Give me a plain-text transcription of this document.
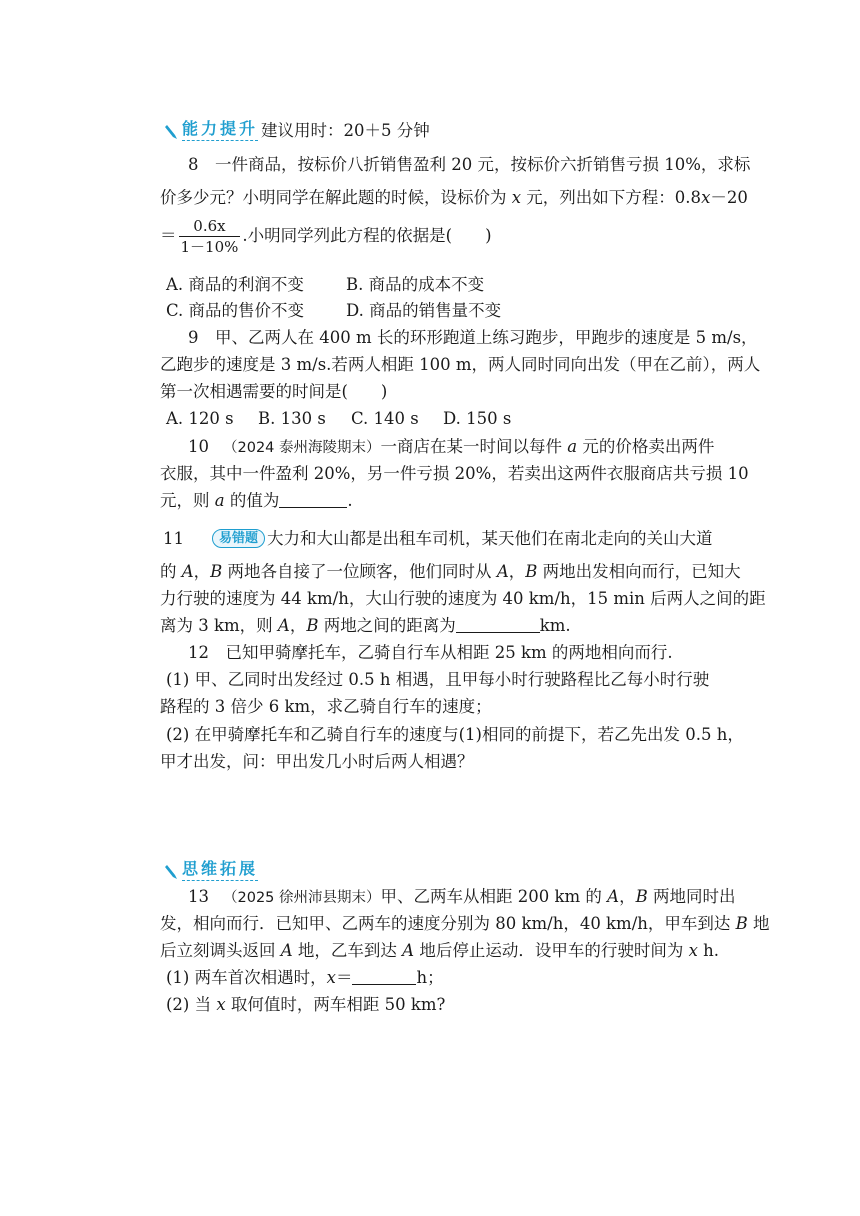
能力提升 建议用时：20＋5 分钟
8　一件商品，按标价八折销售盈利 20 元，按标价六折销售亏损 10%，求标
价多少元？小明同学在解此题的时候，设标价为 x 元，列出如下方程：0.8x－20
＝ $\frac{0.6x}{1-10\%}$ .小明同学列此方程的依据是(　　)
A. 商品的利润不变	B. 商品的成本不变
C. 商品的售价不变	D. 商品的销售量不变
9　甲、乙两人在 400 m 长的环形跑道上练习跑步，甲跑步的速度是 5 m/s，
乙跑步的速度是 3 m/s.若两人相距 100 m，两人同时同向出发（甲在乙前），两人
第一次相遇需要的时间是(　　)
A. 120 s B. 130 s C. 140 s D. 150 s
10 （2024 泰州海陵期末）一商店在某一时间以每件 a 元的价格卖出两件
衣服，其中一件盈利 20%，另一件亏损 20%，若卖出这两件衣服商店共亏损 10
元，则 a 的值为	.
11	易错题 大力和大山都是出租车司机，某天他们在南北走向的关山大道
的 A，B 两地各自接了一位顾客，他们同时从 A，B 两地出发相向而行，已知大
力行驶的速度为 44 km/h，大山行驶的速度为 40 km/h，15 min 后两人之间的距
离为 3 km，则 A，B 两地之间的距离为	km.
12　已知甲骑摩托车，乙骑自行车从相距 25 km 的两地相向而行.
(1) 甲、乙同时出发经过 0.5 h 相遇，且甲每小时行驶路程比乙每小时行驶
路程的 3 倍少 6 km，求乙骑自行车的速度；
(2) 在甲骑摩托车和乙骑自行车的速度与(1)相同的前提下，若乙先出发 0.5 h，
甲才出发，问：甲出发几小时后两人相遇？
思维拓展
13 （2025 徐州沛县期末）甲、乙两车从相距 200 km 的 A，B 两地同时出
发，相向而行．已知甲、乙两车的速度分别为 80 km/h，40 km/h，甲车到达 B 地
后立刻调头返回 A 地，乙车到达 A 地后停止运动．设甲车的行驶时间为 x h.
(1) 两车首次相遇时，x＝	h；
(2) 当 x 取何值时，两车相距 50 km?
